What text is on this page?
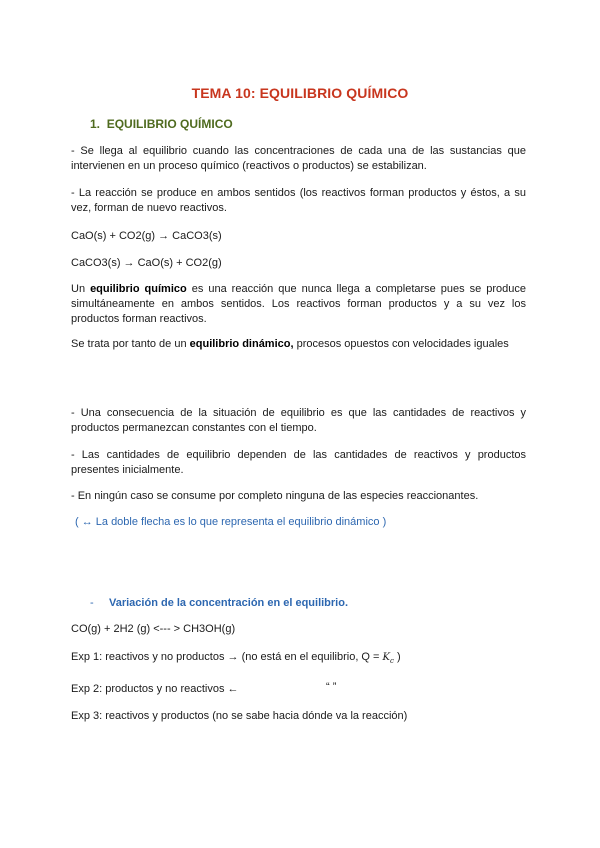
TEMA 10: EQUILIBRIO QUÍMICO
1. EQUILIBRIO QUÍMICO
- Se llega al equilibrio cuando las concentraciones de cada una de las sustancias que intervienen en un proceso químico (reactivos o productos) se estabilizan.
- La reacción se produce en ambos sentidos (los reactivos forman productos y éstos, a su vez, forman de nuevo reactivos.
CaO(s) + CO2(g) → CaCO3(s)
CaCO3(s) → CaO(s) + CO2(g)
Un equilibrio químico es una reacción que nunca llega a completarse pues se produce simultáneamente en ambos sentidos. Los reactivos forman productos y a su vez los productos forman reactivos.
Se trata por tanto de un equilibrio dinámico, procesos opuestos con velocidades iguales
- Una consecuencia de la situación de equilibrio es que las cantidades de reactivos y productos permanezcan constantes con el tiempo.
- Las cantidades de equilibrio dependen de las cantidades de reactivos y productos presentes inicialmente.
- En ningún caso se consume por completo ninguna de las especies reaccionantes.
( ↔ La doble flecha es lo que representa el equilibrio dinámico )
- Variación de la concentración en el equilibrio.
CO(g) + 2H2 (g) <--- > CH3OH(g)
Exp 1: reactivos y no productos → (no está en el equilibrio, $Q = K_c$ )
Exp 2: productos y no reactivos ←	“ ”
Exp 3: reactivos y productos (no se sabe hacia dónde va la reacción)
